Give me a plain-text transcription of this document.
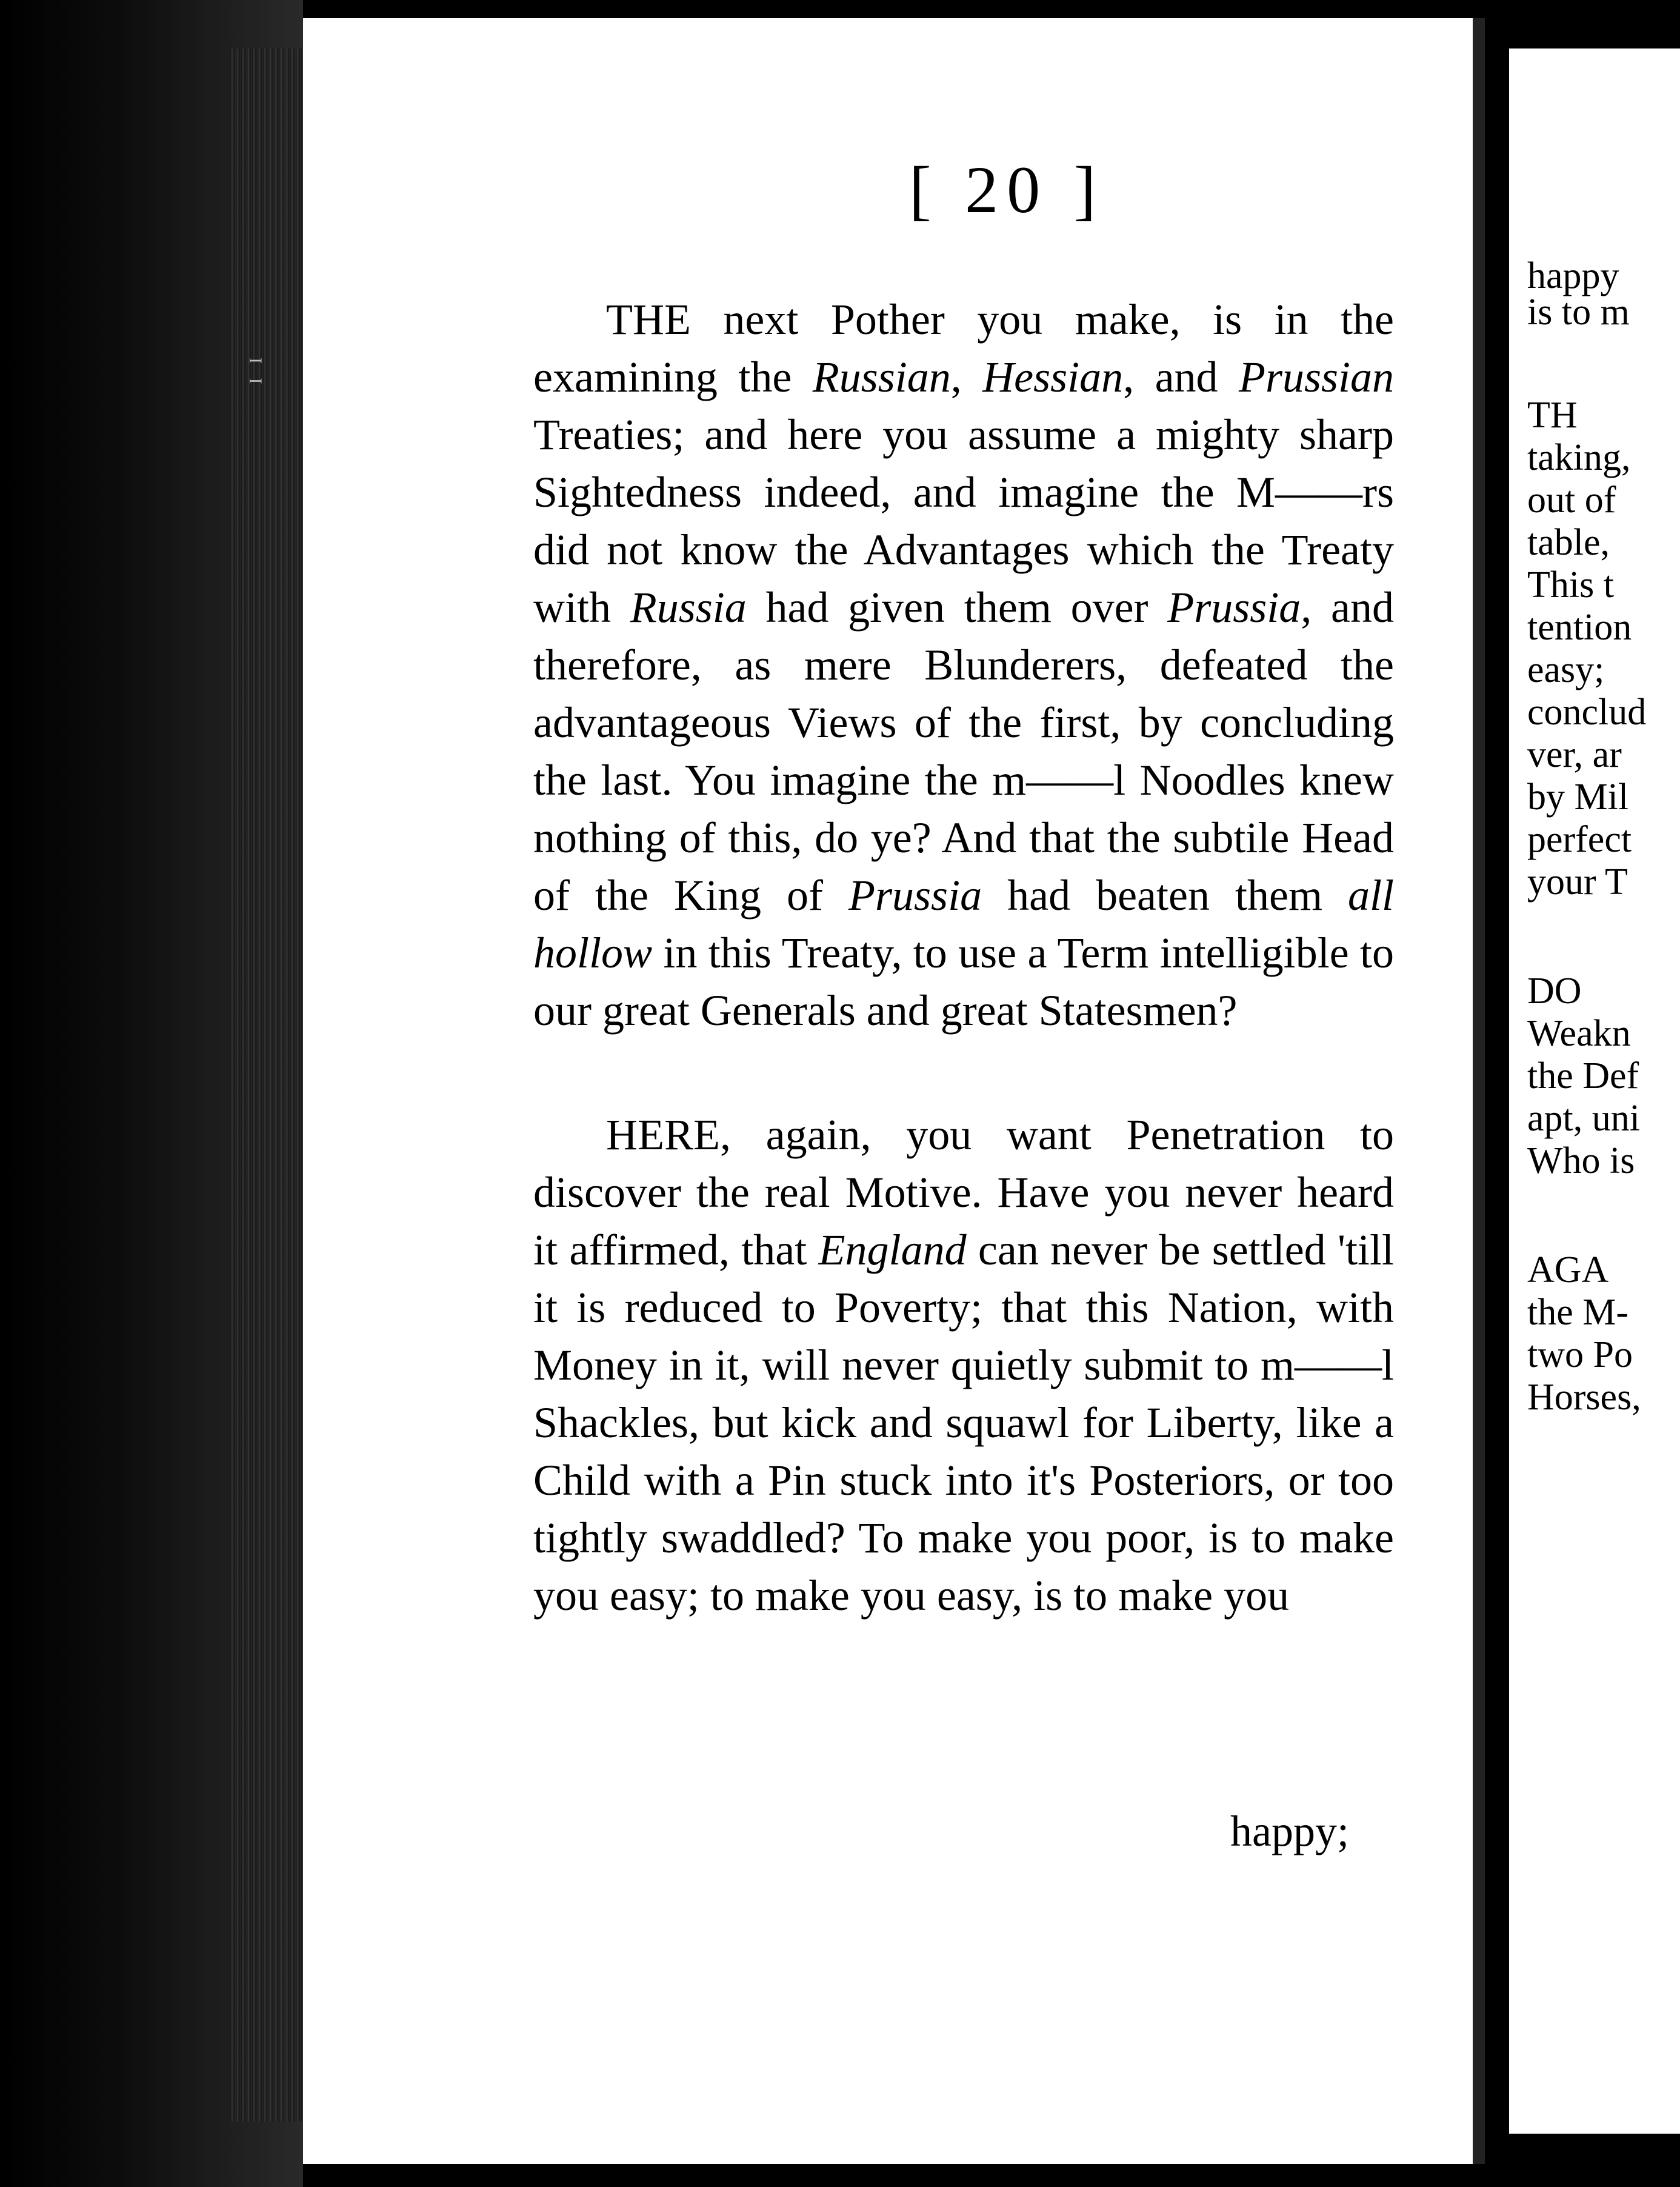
I I
[ 20 ]

THE next Pother you make, is in the examining the Russian, Hessian, and Prussian Treaties; and here you assume a mighty sharp Sightedness indeed, and imagine the M——rs did not know the Advantages which the Treaty with Russia had given them over Prussia, and therefore, as mere Blunderers, defeated the advantageous Views of the first, by concluding the last. You imagine the m——l Noodles knew nothing of this, do ye? And that the subtile Head of the King of Prussia had beaten them all hollow in this Treaty, to use a Term intelligible to our great Generals and great Statesmen?

HERE, again, you want Penetration to discover the real Motive. Have you never heard it affirmed, that England can never be settled 'till it is reduced to Poverty; that this Nation, with Money in it, will never quietly submit to m——l Shackles, but kick and squawl for Liberty, like a Child with a Pin stuck into it's Posteriors, or too tightly swaddled? To make you poor, is to make you easy; to make you easy, is to make you

happy;
happy
is to m
TH
taking,
out of
table,
This t
tention
easy;
conclud
ver, ar
by Mil
perfect
your T
DO
Weakn
the Def
apt, uni
Who is
AGA
the M-
two Po
Horses,
